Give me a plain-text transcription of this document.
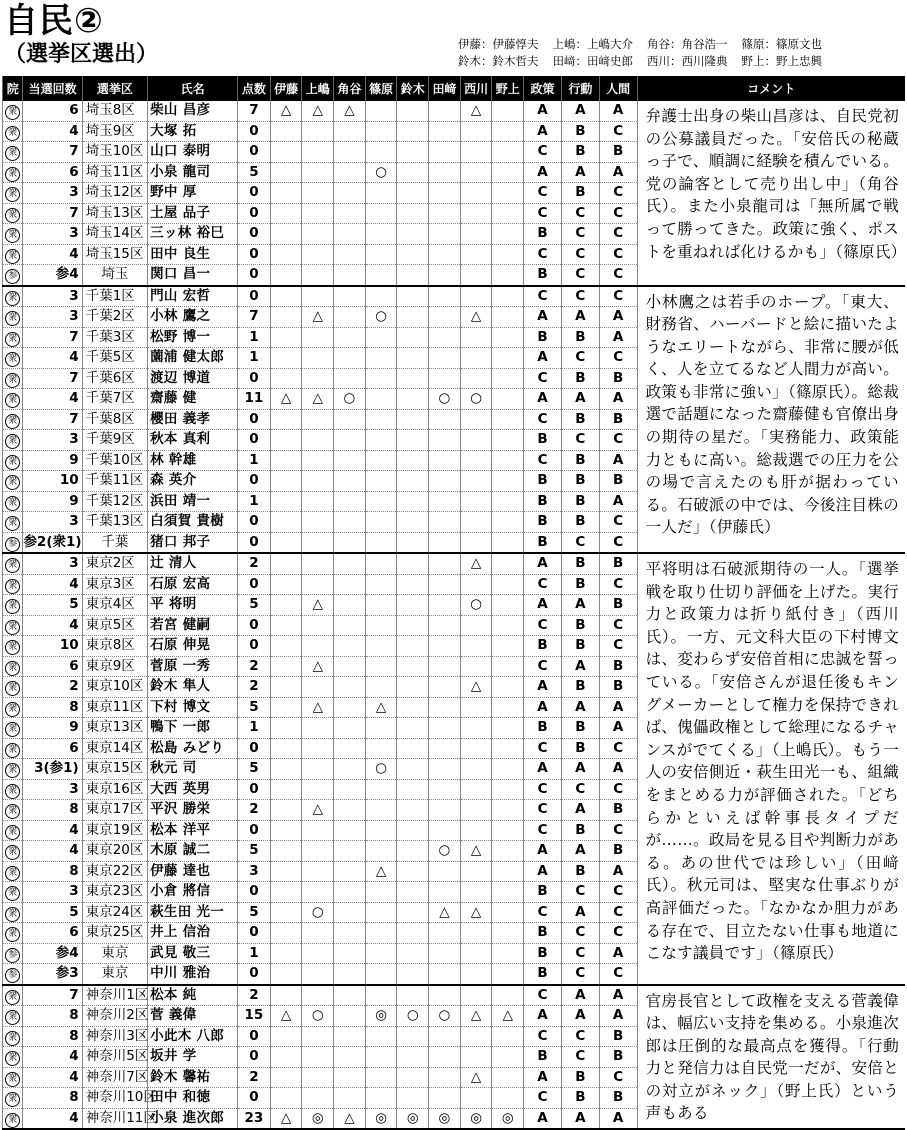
自民②
（選挙区選出）	伊藤：伊藤惇夫 上嶋：上嶋大介 角谷：角谷浩一 篠原：篠原文也
鈴木：鈴木哲夫 田﨑：田﨑史郎 西川：西川隆典 野上：野上忠興
院	当選回数	選挙区	氏名	点数	伊藤	上嶋	角谷	篠原	鈴木	田﨑	西川	野上	政策	行動	人間	コメント
衆	6	埼玉8区	柴山 昌彦	7	△	△	△				△		A	A	A	弁護士出身の柴山昌彦は、自民党初の公募議員だった。「安倍氏の秘蔵っ子で、順調に経験を積んでいる。党の論客として売り出し中」（角谷氏）。また小泉龍司は「無所属で戦って勝ってきた。政策に強く、ポストを重ねれば化けるかも」（篠原氏）
衆	4	埼玉9区	大塚 拓	0									A	B	C	
衆	7	埼玉10区	山口 泰明	0									C	B	B	
衆	6	埼玉11区	小泉 龍司	5				○					A	A	A	
衆	3	埼玉12区	野中 厚	0									C	B	C	
衆	7	埼玉13区	土屋 品子	0									C	C	C	
衆	3	埼玉14区	三ッ林 裕巳	0									B	C	C	
衆	4	埼玉15区	田中 良生	0									C	C	C	
参	参4	埼玉	関口 昌一	0									B	C	C	
衆	3	千葉1区	門山 宏哲	0									C	C	C	小林鷹之は若手のホープ。「東大、財務省、ハーバードと絵に描いたようなエリートながら、非常に腰が低く、人を立てるなど人間力が高い。政策も非常に強い」（篠原氏）。総裁選で話題になった齋藤健も官僚出身の期待の星だ。「実務能力、政策能力ともに高い。総裁選での圧力を公の場で言えたのも肝が据わっている。石破派の中では、今後注目株の一人だ」（伊藤氏）
衆	3	千葉2区	小林 鷹之	7		△		○			△		A	A	A	
衆	7	千葉3区	松野 博一	1									B	B	A	
衆	4	千葉5区	薗浦 健太郎	1									A	C	C	
衆	7	千葉6区	渡辺 博道	0									C	B	B	
衆	4	千葉7区	齋藤 健	11	△	△	○			○	○		A	A	A	
衆	7	千葉8区	櫻田 義孝	0									C	B	B	
衆	3	千葉9区	秋本 真利	0									B	C	C	
衆	9	千葉10区	林 幹雄	1									C	B	A	
衆	10	千葉11区	森 英介	0									B	B	B	
衆	9	千葉12区	浜田 靖一	1									B	B	A	
衆	3	千葉13区	白須賀 貴樹	0									B	B	C	
参	参2(衆1)	千葉	猪口 邦子	0									B	C	C	
衆	3	東京2区	辻 清人	2							△		A	B	B	平将明は石破派期待の一人。「選挙戦を取り仕切り評価を上げた。実行力と政策力は折り紙付き」（西川氏）。一方、元文科大臣の下村博文は、変わらず安倍首相に忠誠を誓っている。「安倍さんが退任後もキングメーカーとして権力を保持できれば、傀儡政権として総理になるチャンスがでてくる」（上嶋氏）。もう一人の安倍側近・萩生田光一も、組織をまとめる力が評価された。「どちらかといえば幹事長タイプだが……。政局を見る目や判断力がある。あの世代では珍しい」（田﨑氏）。秋元司は、堅実な仕事ぶりが高評価だった。「なかなか胆力がある存在で、目立たない仕事も地道にこなす議員です」（篠原氏）
衆	4	東京3区	石原 宏高	0									C	B	C	
衆	5	東京4区	平 将明	5		△					○		A	A	B	
衆	4	東京5区	若宮 健嗣	0									C	B	C	
衆	10	東京8区	石原 伸晃	0									B	B	C	
衆	6	東京9区	菅原 一秀	2		△							C	A	B	
衆	2	東京10区	鈴木 隼人	2							△		A	B	B	
衆	8	東京11区	下村 博文	5		△		△					A	A	A	
衆	9	東京13区	鴨下 一郎	1									B	B	A	
衆	6	東京14区	松島 みどり	0									C	B	C	
衆	3(参1)	東京15区	秋元 司	5				○					A	A	A	
衆	3	東京16区	大西 英男	0									C	C	C	
衆	8	東京17区	平沢 勝栄	2		△							C	A	B	
衆	4	東京19区	松本 洋平	0									C	B	C	
衆	4	東京20区	木原 誠二	5						○	△		A	A	B	
衆	8	東京22区	伊藤 達也	3				△					A	B	A	
衆	3	東京23区	小倉 將信	0									B	C	C	
衆	5	東京24区	萩生田 光一	5		○				△	△		C	A	C	
衆	6	東京25区	井上 信治	0									B	C	C	
参	参4	東京	武見 敬三	1									B	C	A	
参	参3	東京	中川 雅治	0									B	C	C	
衆	7	神奈川1区	松本 純	2									C	A	A	官房長官として政権を支える菅義偉は、幅広い支持を集める。小泉進次郎は圧倒的な最高点を獲得。「行動力と発信力は自民党一だが、安倍との対立がネック」（野上氏）という声もある
衆	8	神奈川2区	菅 義偉	15	△	○		◎	○	○	△	△	A	A	A	
衆	8	神奈川3区	小此木 八郎	0									C	C	B	
衆	4	神奈川5区	坂井 学	0									B	C	B	
衆	4	神奈川7区	鈴木 馨祐	2							△		A	B	C	
衆	8	神奈川10区	田中 和徳	0									C	B	B	
衆	4	神奈川11区	小泉 進次郎	23	△	◎	△	◎	◎	◎	◎	◎	A	A	A	
